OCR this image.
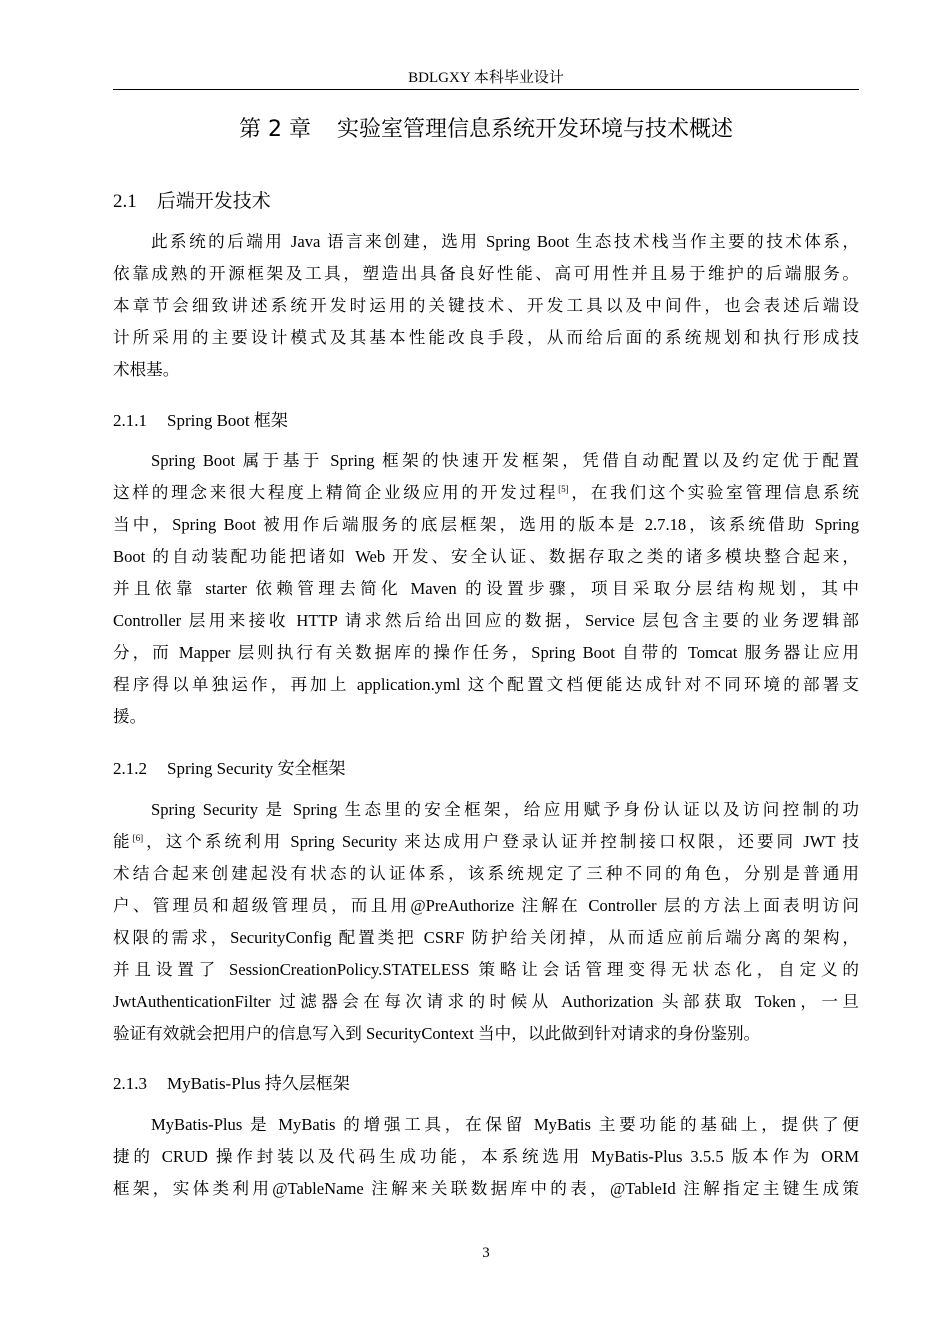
BDLGXY 本科毕业设计
第 2 章 实验室管理信息系统开发环境与技术概述
2.1 后端开发技术
此系统的后端用 Java 语言来创建，选用 Spring Boot 生态技术栈当作主要的技术体系，
依靠成熟的开源框架及工具，塑造出具备良好性能、高可用性并且易于维护的后端服务。
本章节会细致讲述系统开发时运用的关键技术、开发工具以及中间件，也会表述后端设
计所采用的主要设计模式及其基本性能改良手段，从而给后面的系统规划和执行形成技
术根基。
2.1.1 Spring Boot 框架
Spring Boot 属于基于 Spring 框架的快速开发框架，凭借自动配置以及约定优于配置
这样的理念来很大程度上精简企业级应用的开发过程[5]，在我们这个实验室管理信息系统
当中，Spring Boot 被用作后端服务的底层框架，选用的版本是 2.7.18，该系统借助 Spring
Boot 的自动装配功能把诸如 Web 开发、安全认证、数据存取之类的诸多模块整合起来，
并且依靠 starter 依赖管理去简化 Maven 的设置步骤，项目采取分层结构规划，其中
Controller 层用来接收 HTTP 请求然后给出回应的数据，Service 层包含主要的业务逻辑部
分，而 Mapper 层则执行有关数据库的操作任务，Spring Boot 自带的 Tomcat 服务器让应用
程序得以单独运作，再加上 application.yml 这个配置文档便能达成针对不同环境的部署支
援。
2.1.2 Spring Security 安全框架
Spring Security 是 Spring 生态里的安全框架，给应用赋予身份认证以及访问控制的功
能[6]，这个系统利用 Spring Security 来达成用户登录认证并控制接口权限，还要同 JWT 技
术结合起来创建起没有状态的认证体系，该系统规定了三种不同的角色，分别是普通用
户、管理员和超级管理员，而且用@PreAuthorize 注解在 Controller 层的方法上面表明访问
权限的需求，SecurityConfig 配置类把 CSRF 防护给关闭掉，从而适应前后端分离的架构，
并且设置了 SessionCreationPolicy.STATELESS 策略让会话管理变得无状态化，自定义的
JwtAuthenticationFilter 过滤器会在每次请求的时候从 Authorization 头部获取 Token，一旦
验证有效就会把用户的信息写入到 SecurityContext 当中，以此做到针对请求的身份鉴别。
2.1.3 MyBatis-Plus 持久层框架
MyBatis-Plus 是 MyBatis 的增强工具，在保留 MyBatis 主要功能的基础上，提供了便
捷的 CRUD 操作封装以及代码生成功能，本系统选用 MyBatis-Plus 3.5.5 版本作为 ORM
框架，实体类利用@TableName 注解来关联数据库中的表，@TableId 注解指定主键生成策
3
